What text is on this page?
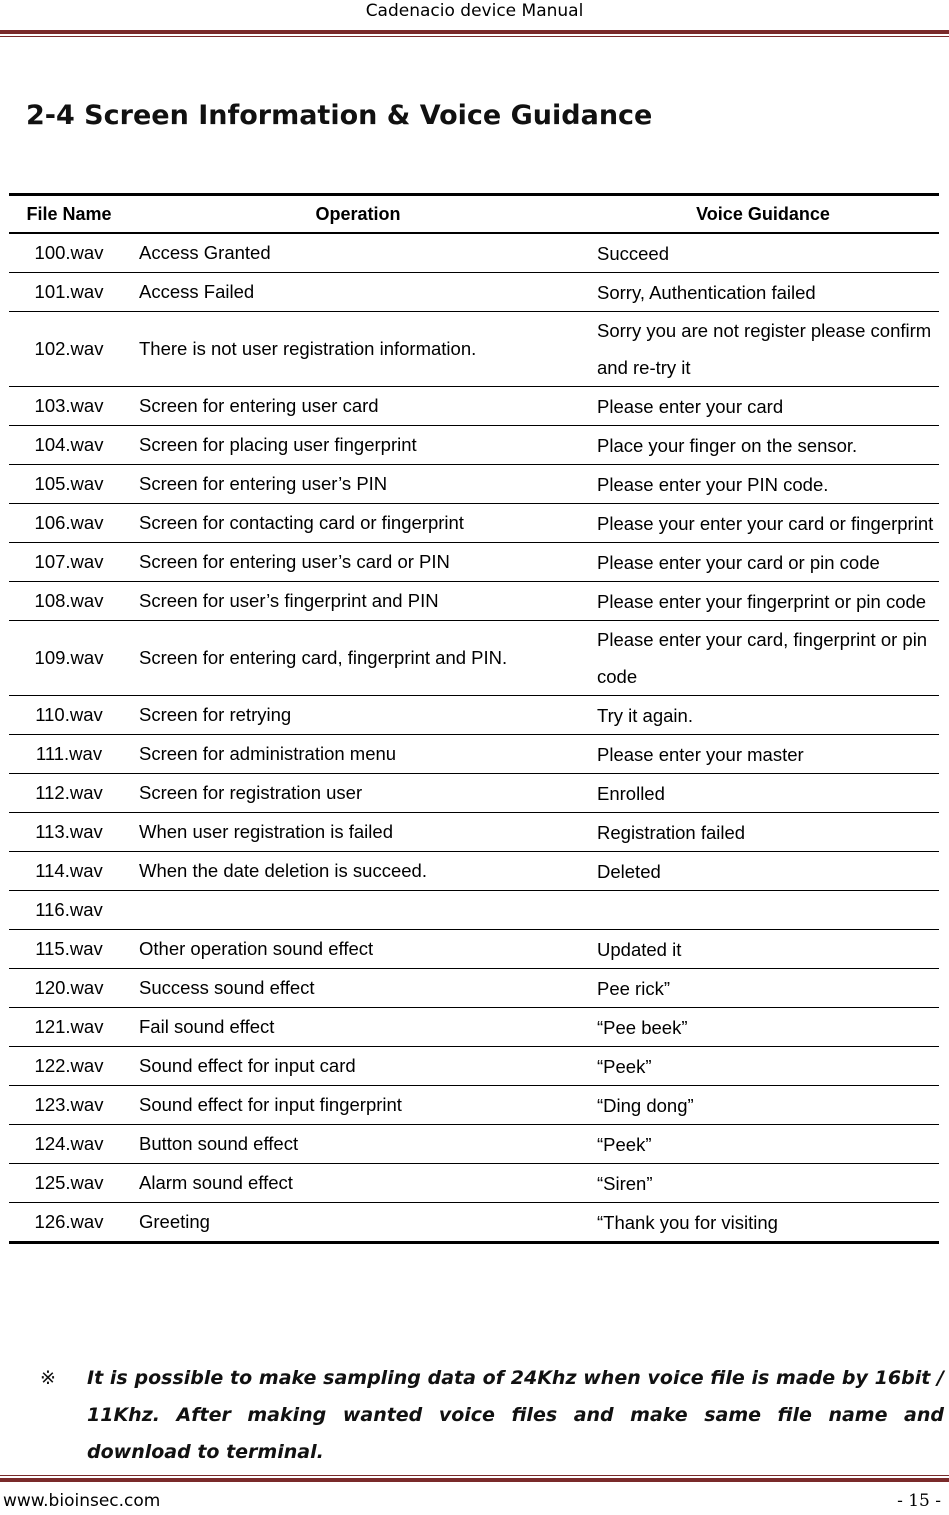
Cadenacio device Manual
2-4 Screen Information & Voice Guidance
File Name	Operation	Voice Guidance
100.wav	Access Granted	Succeed
101.wav	Access Failed	Sorry, Authentication failed
102.wav	There is not user registration information.	Sorry you are not register please confirm and re-try it
103.wav	Screen for entering user card	Please enter your card
104.wav	Screen for placing user fingerprint	Place your finger on the sensor.
105.wav	Screen for entering user’s PIN	Please enter your PIN code.
106.wav	Screen for contacting card or fingerprint	Please your enter your card or fingerprint
107.wav	Screen for entering user’s card or PIN	Please enter your card or pin code
108.wav	Screen for user’s fingerprint and PIN	Please enter your fingerprint or pin code
109.wav	Screen for entering card, fingerprint and PIN.	Please enter your card, fingerprint or pin code
110.wav	Screen for retrying	Try it again.
111.wav	Screen for administration menu	Please enter your master
112.wav	Screen for registration user	Enrolled
113.wav	When user registration is failed	Registration failed
114.wav	When the date deletion is succeed.	Deleted
116.wav		
115.wav	Other operation sound effect	Updated it
120.wav	Success sound effect	Pee rick”
121.wav	Fail sound effect	“Pee beek”
122.wav	Sound effect for input card	“Peek”
123.wav	Sound effect for input fingerprint	“Ding dong”
124.wav	Button sound effect	“Peek”
125.wav	Alarm sound effect	“Siren”
126.wav	Greeting	“Thank you for visiting
※ It is possible to make sampling data of 24Khz when voice file is made by 16bit / 11Khz. After making wanted voice files and make same file name and download to terminal.
www.bioinsec.com	- 15 -
